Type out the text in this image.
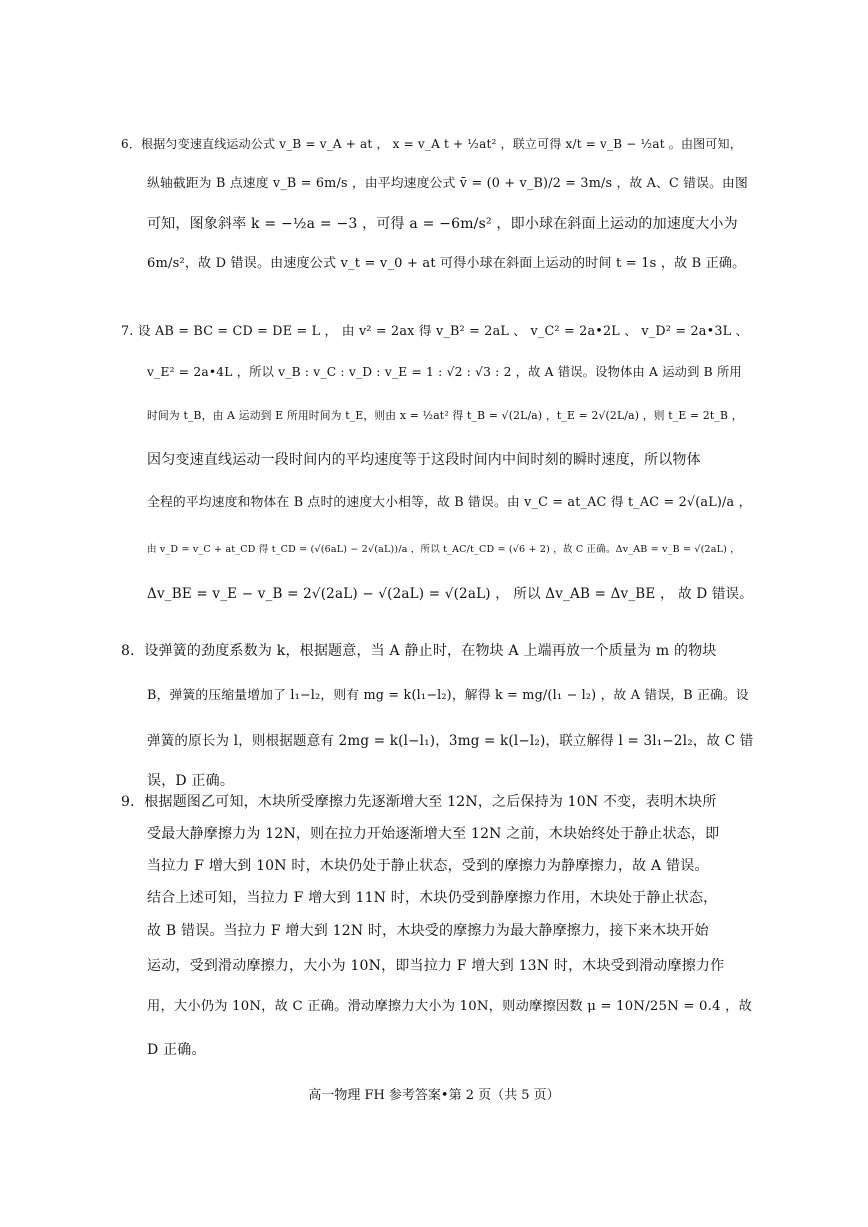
6．根据匀变速直线运动公式 v_B = v_A + at ， x = v_A t + ½at² ，联立可得 x/t = v_B − ½at 。由图可知，
纵轴截距为 B 点速度 v_B = 6m/s ，由平均速度公式 v̄ = (0 + v_B)/2 = 3m/s ，故 A、C 错误。由图
可知，图象斜率 k = −½a = −3 ，可得 a = −6m/s² ，即小球在斜面上运动的加速度大小为
6m/s²，故 D 错误。由速度公式 v_t = v_0 + at 可得小球在斜面上运动的时间 t = 1s ，故 B 正确。
7. 设 AB = BC = CD = DE = L ， 由 v² = 2ax 得 v_B² = 2aL 、 v_C² = 2a•2L 、 v_D² = 2a•3L 、
v_E² = 2a•4L ，所以 v_B : v_C : v_D : v_E = 1 : √2 : √3 : 2 ，故 A 错误。设物体由 A 运动到 B 所用
时间为 t_B，由 A 运动到 E 所用时间为 t_E，则由 x = ½at² 得 t_B = √(2L/a) ，t_E = 2√(2L/a) ，则 t_E = 2t_B ，
因匀变速直线运动一段时间内的平均速度等于这段时间内中间时刻的瞬时速度，所以物体
全程的平均速度和物体在 B 点时的速度大小相等，故 B 错误。由 v_C = at_AC 得 t_AC = 2√(aL)/a ，
由 v_D = v_C + at_CD 得 t_CD = (√(6aL) − 2√(aL))/a ，所以 t_AC/t_CD = (√6 + 2) ，故 C 正确。Δv_AB = v_B = √(2aL) ，
Δv_BE = v_E − v_B = 2√(2aL) − √(2aL) = √(2aL) ， 所以 Δv_AB = Δv_BE ， 故 D 错误。
8．设弹簧的劲度系数为 k，根据题意，当 A 静止时，在物块 A 上端再放一个质量为 m 的物块
B，弹簧的压缩量增加了 l₁−l₂，则有 mg = k(l₁−l₂)，解得 k = mg/(l₁ − l₂) ，故 A 错误，B 正确。设
弹簧的原长为 l，则根据题意有 2mg = k(l−l₁)，3mg = k(l−l₂)，联立解得 l = 3l₁−2l₂，故 C 错
误，D 正确。
9．根据题图乙可知，木块所受摩擦力先逐渐增大至 12N，之后保持为 10N 不变，表明木块所
受最大静摩擦力为 12N，则在拉力开始逐渐增大至 12N 之前，木块始终处于静止状态，即
当拉力 F 增大到 10N 时，木块仍处于静止状态，受到的摩擦力为静摩擦力，故 A 错误。
结合上述可知，当拉力 F 增大到 11N 时，木块仍受到静摩擦力作用，木块处于静止状态，
故 B 错误。当拉力 F 增大到 12N 时，木块受的摩擦力为最大静摩擦力，接下来木块开始
运动，受到滑动摩擦力，大小为 10N，即当拉力 F 增大到 13N 时，木块受到滑动摩擦力作
用，大小仍为 10N，故 C 正确。滑动摩擦力大小为 10N，则动摩擦因数 μ = 10N/25N = 0.4 ，故
D 正确。
高一物理 FH 参考答案•第 2 页（共 5 页）
